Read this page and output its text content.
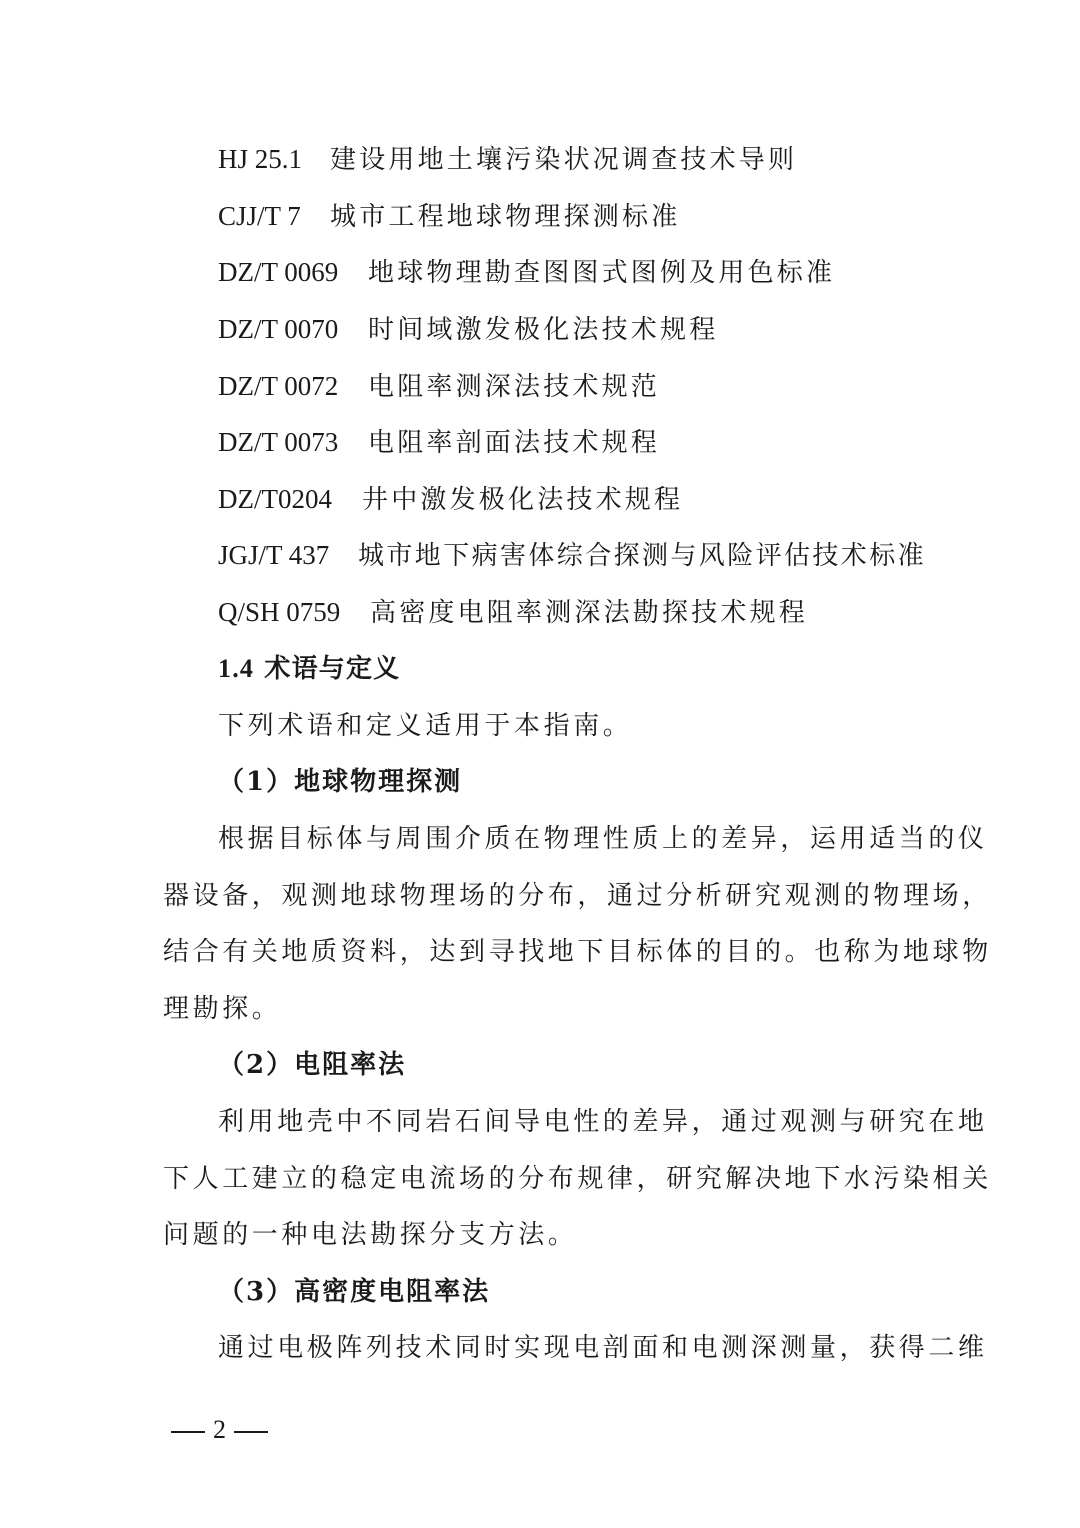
HJ 25.1 建设用地土壤污染状况调查技术导则
CJJ/T 7 城市工程地球物理探测标准
DZ/T 0069 地球物理勘查图图式图例及用色标准
DZ/T 0070 时间域激发极化法技术规程
DZ/T 0072 电阻率测深法技术规范
DZ/T 0073 电阻率剖面法技术规程
DZ/T0204 井中激发极化法技术规程
JGJ/T 437 城市地下病害体综合探测与风险评估技术标准
Q/SH 0759 高密度电阻率测深法勘探技术规程
1.4 术语与定义
下列术语和定义适用于本指南。
（1）地球物理探测
根据目标体与周围介质在物理性质上的差异，运用适当的仪
器设备，观测地球物理场的分布，通过分析研究观测的物理场，
结合有关地质资料，达到寻找地下目标体的目的。也称为地球物
理勘探。
（2）电阻率法
利用地壳中不同岩石间导电性的差异，通过观测与研究在地
下人工建立的稳定电流场的分布规律，研究解决地下水污染相关
问题的一种电法勘探分支方法。
（3）高密度电阻率法
通过电极阵列技术同时实现电剖面和电测深测量，获得二维
2
